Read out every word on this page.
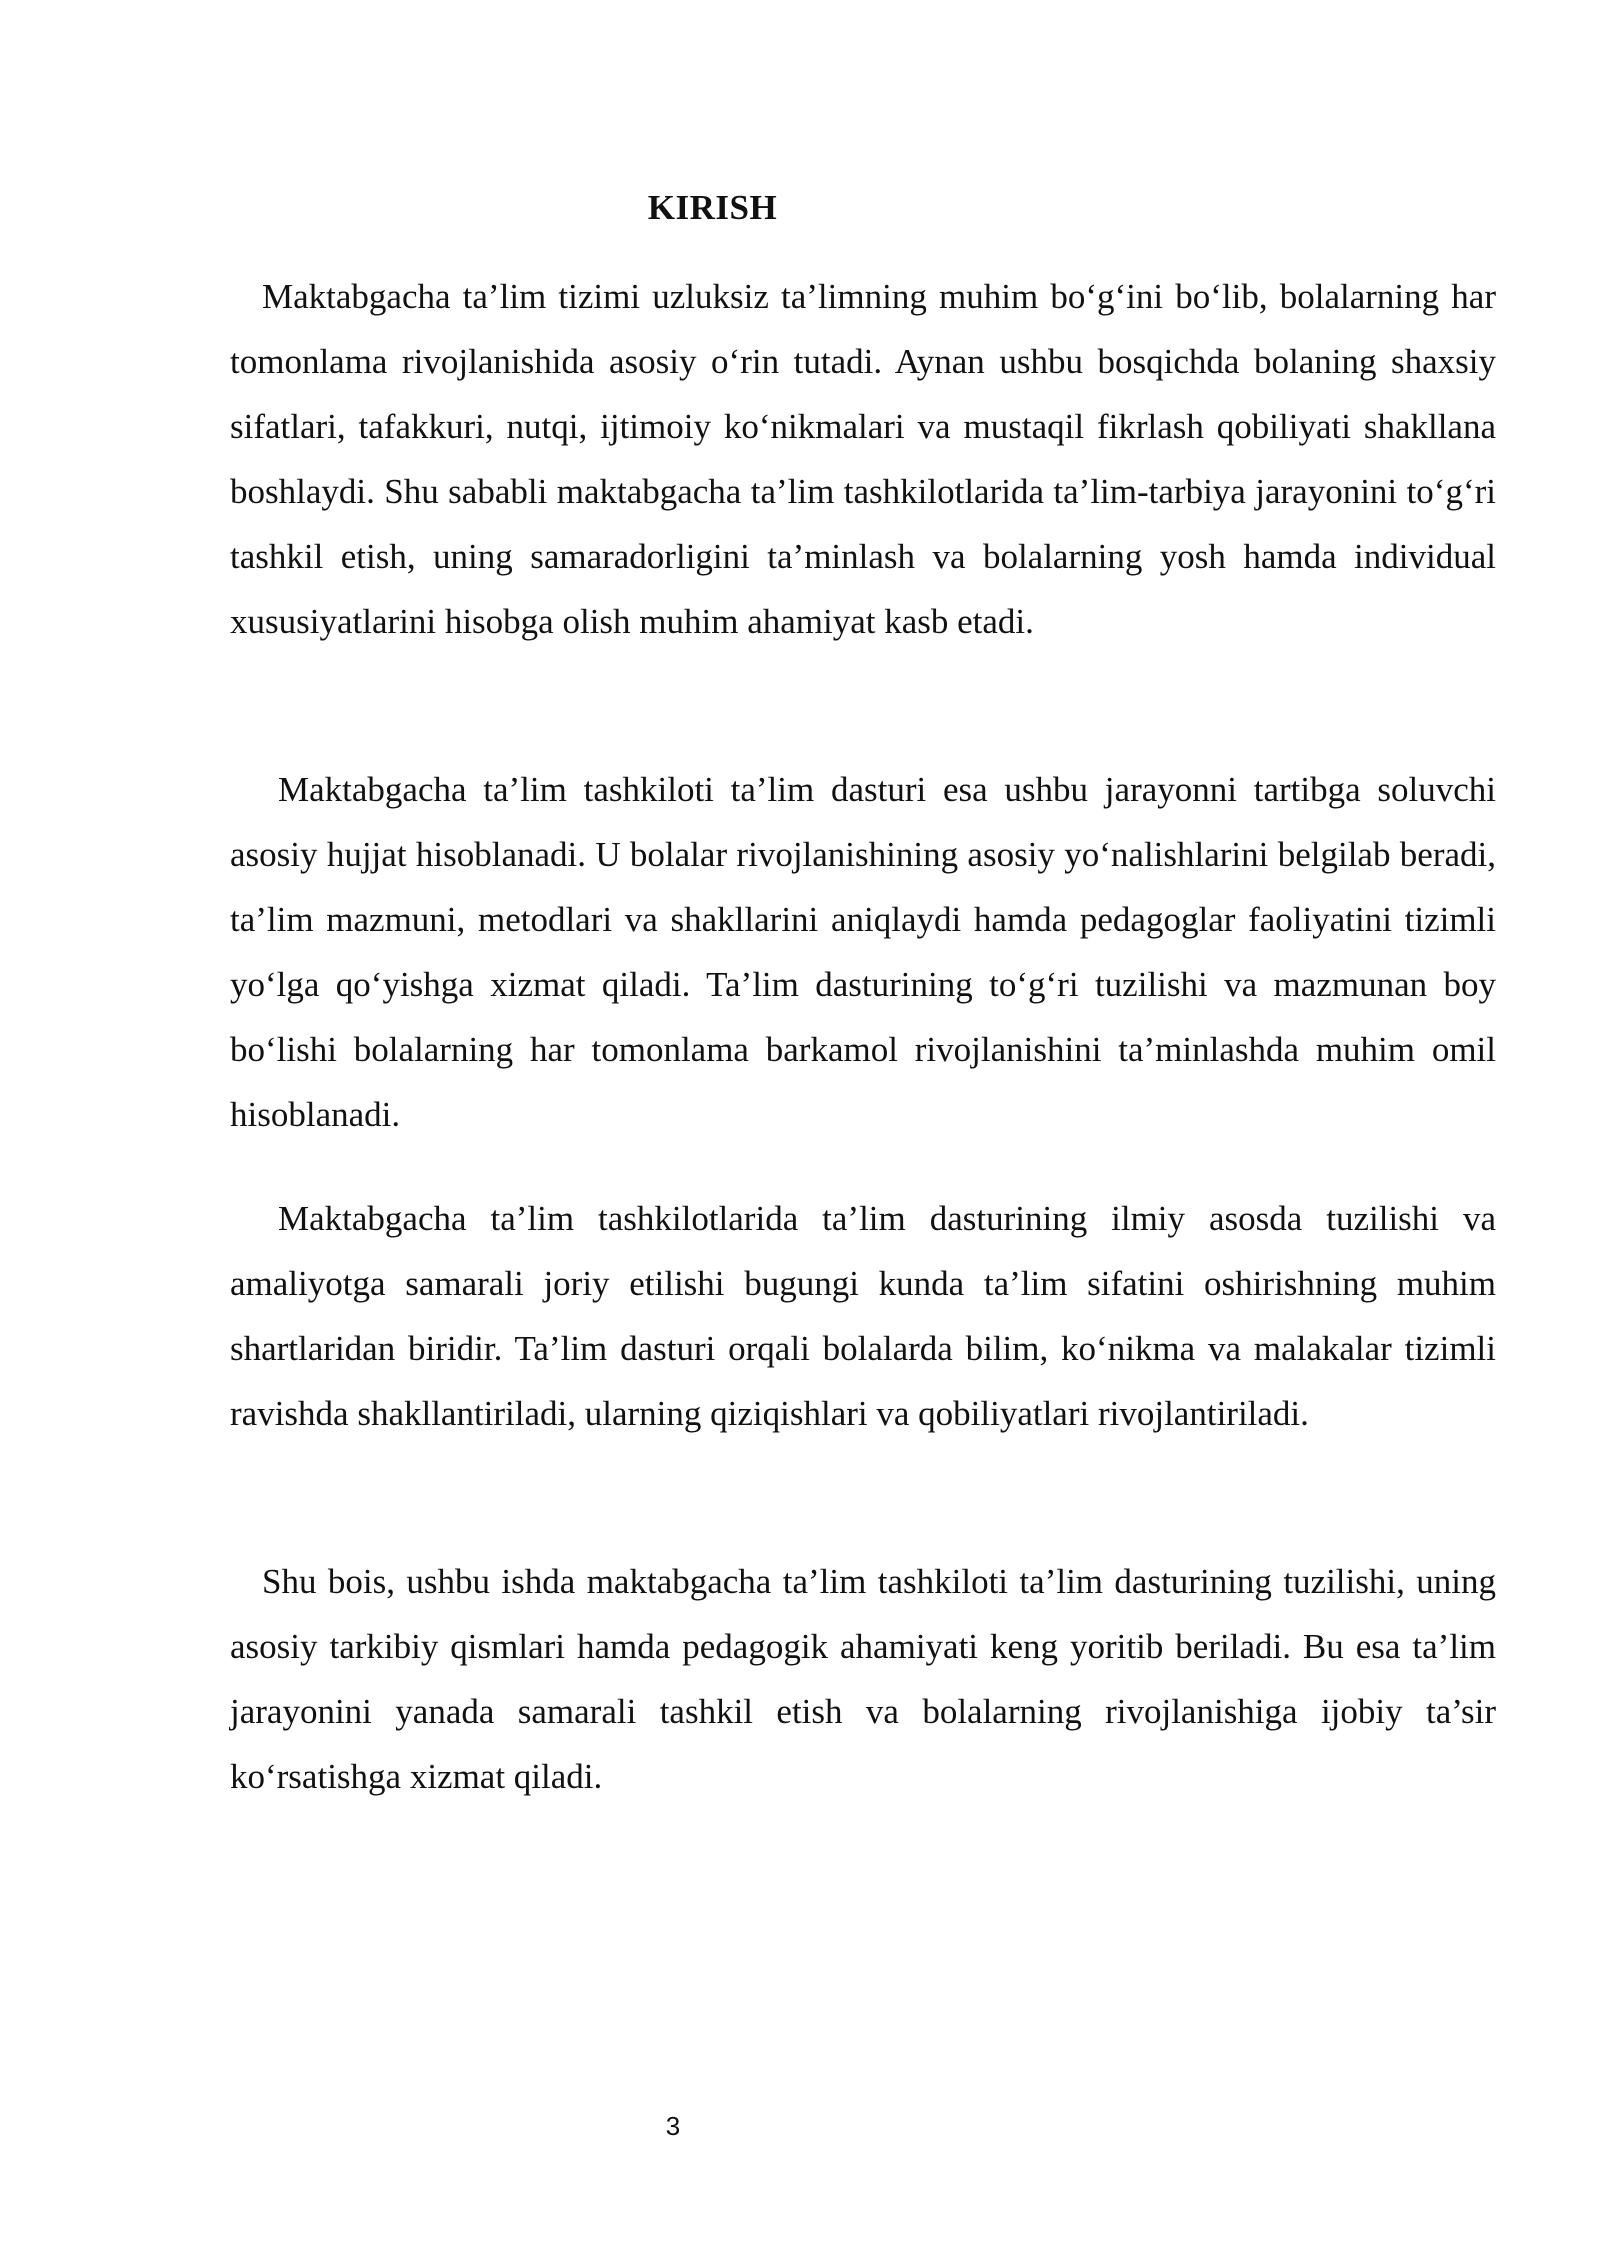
KIRISH

Maktabgacha ta’lim tizimi uzluksiz ta’limning muhim bo‘g‘ini bo‘lib, bolalarning har tomonlama rivojlanishida asosiy o‘rin tutadi. Aynan ushbu bosqichda bolaning shaxsiy sifatlari, tafakkuri, nutqi, ijtimoiy ko‘nikmalari va mustaqil fikrlash qobiliyati shakllana boshlaydi. Shu sababli maktabgacha ta’lim tashkilotlarida ta’lim-tarbiya jarayonini to‘g‘ri tashkil etish, uning samaradorligini ta’minlash va bolalarning yosh hamda individual xususiyatlarini hisobga olish muhim ahamiyat kasb etadi.

Maktabgacha ta’lim tashkiloti ta’lim dasturi esa ushbu jarayonni tartibga soluvchi asosiy hujjat hisoblanadi. U bolalar rivojlanishining asosiy yo‘nalishlarini belgilab beradi, ta’lim mazmuni, metodlari va shakllarini aniqlaydi hamda pedagoglar faoliyatini tizimli yo‘lga qo‘yishga xizmat qiladi. Ta’lim dasturining to‘g‘ri tuzilishi va mazmunan boy bo‘lishi bolalarning har tomonlama barkamol rivojlanishini ta’minlashda muhim omil hisoblanadi.

Maktabgacha ta’lim tashkilotlarida ta’lim dasturining ilmiy asosda tuzilishi va amaliyotga samarali joriy etilishi bugungi kunda ta’lim sifatini oshirishning muhim shartlaridan biridir. Ta’lim dasturi orqali bolalarda bilim, ko‘nikma va malakalar tizimli ravishda shakllantiriladi, ularning qiziqishlari va qobiliyatlari rivojlantiriladi.

Shu bois, ushbu ishda maktabgacha ta’lim tashkiloti ta’lim dasturining tuzilishi, uning asosiy tarkibiy qismlari hamda pedagogik ahamiyati keng yoritib beriladi. Bu esa ta’lim jarayonini yanada samarali tashkil etish va bolalarning rivojlanishiga ijobiy ta’sir ko‘rsatishga xizmat qiladi.

3
